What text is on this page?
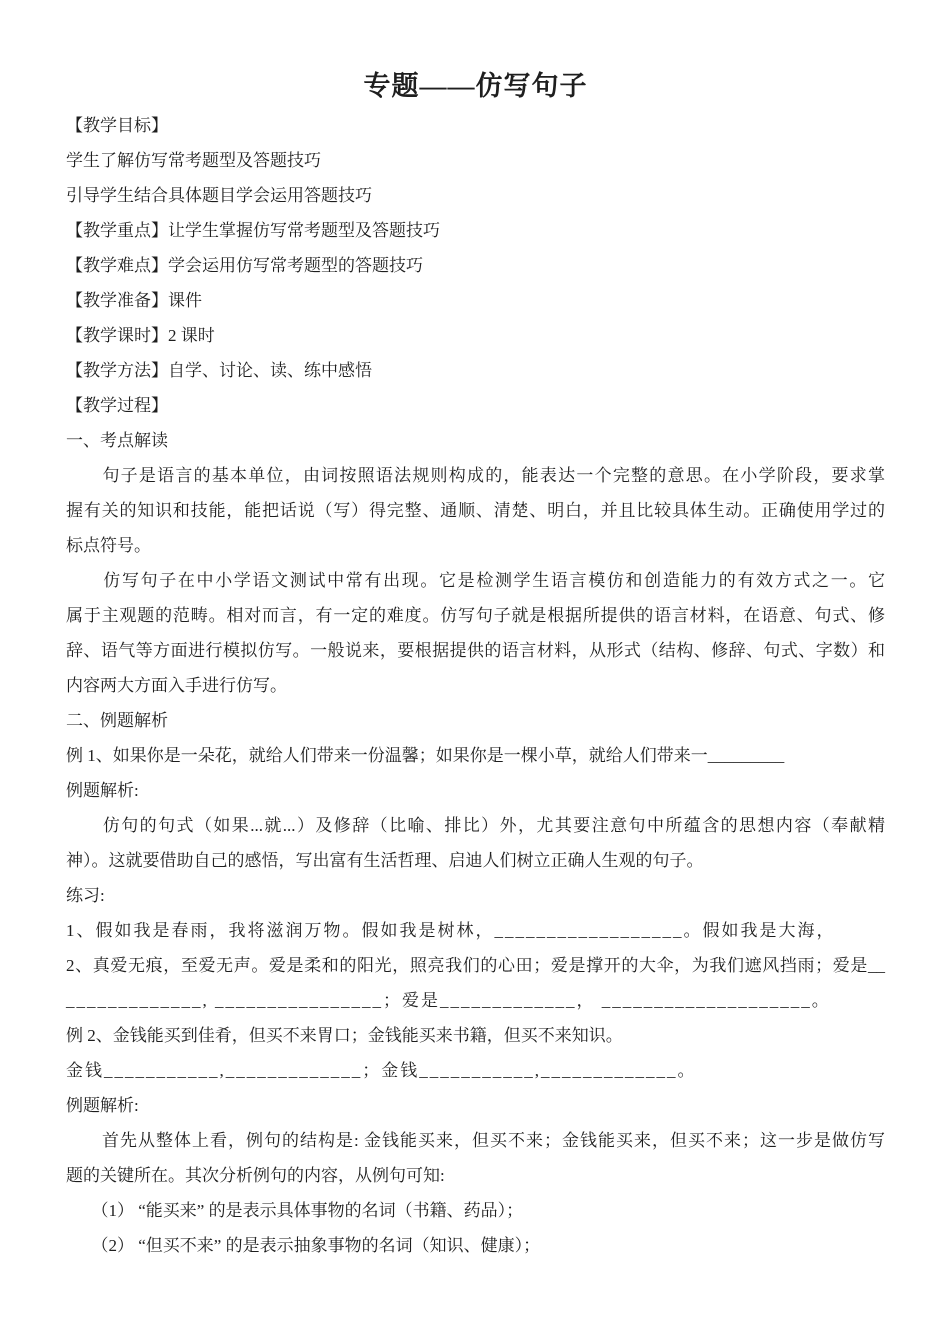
专题——仿写句子
【教学目标】
学生了解仿写常考题型及答题技巧
引导学生结合具体题目学会运用答题技巧
【教学重点】让学生掌握仿写常考题型及答题技巧
【教学难点】学会运用仿写常考题型的答题技巧
【教学准备】课件
【教学课时】2 课时
【教学方法】自学、讨论、读、练中感悟
【教学过程】
一、考点解读
　　句子是语言的基本单位，由词按照语法规则构成的，能表达一个完整的意思。在小学阶段，要求掌
握有关的知识和技能，能把话说（写）得完整、通顺、清楚、明白，并且比较具体生动。正确使用学过的
标点符号。
　　仿写句子在中小学语文测试中常有出现。它是检测学生语言模仿和创造能力的有效方式之一。它
属于主观题的范畴。相对而言，有一定的难度。仿写句子就是根据所提供的语言材料，在语意、句式、修
辞、语气等方面进行模拟仿写。一般说来，要根据提供的语言材料，从形式（结构、修辞、句式、字数）和
内容两大方面入手进行仿写。
二、例题解析
例 1、如果你是一朵花，就给人们带来一份温馨；如果你是一棵小草，就给人们带来一_________
例题解析:
　　仿句的句式（如果...就...）及修辞（比喻、排比）外，尤其要注意句中所蕴含的思想内容（奉献精
神）。这就要借助自己的感悟，写出富有生活哲理、启迪人们树立正确人生观的句子。
练习:
1、假如我是春雨，我将滋润万物。假如我是树林，__________________。假如我是大海，
2、真爱无痕，至爱无声。爱是柔和的阳光，照亮我们的心田；爱是撑开的大伞，为我们遮风挡雨；爱是__
_____________, ________________；爱是_____________， ____________________。
例 2、金钱能买到佳肴，但买不来胃口；金钱能买来书籍，但买不来知识。
金钱___________,_____________；金钱___________,_____________。
例题解析:
　　首先从整体上看，例句的结构是: 金钱能买来，但买不来；金钱能买来，但买不来；这一步是做仿写
题的关键所在。其次分析例句的内容，从例句可知:
　　（1） “能买来” 的是表示具体事物的名词（书籍、药品）；
　　（2） “但买不来” 的是表示抽象事物的名词（知识、健康）；
